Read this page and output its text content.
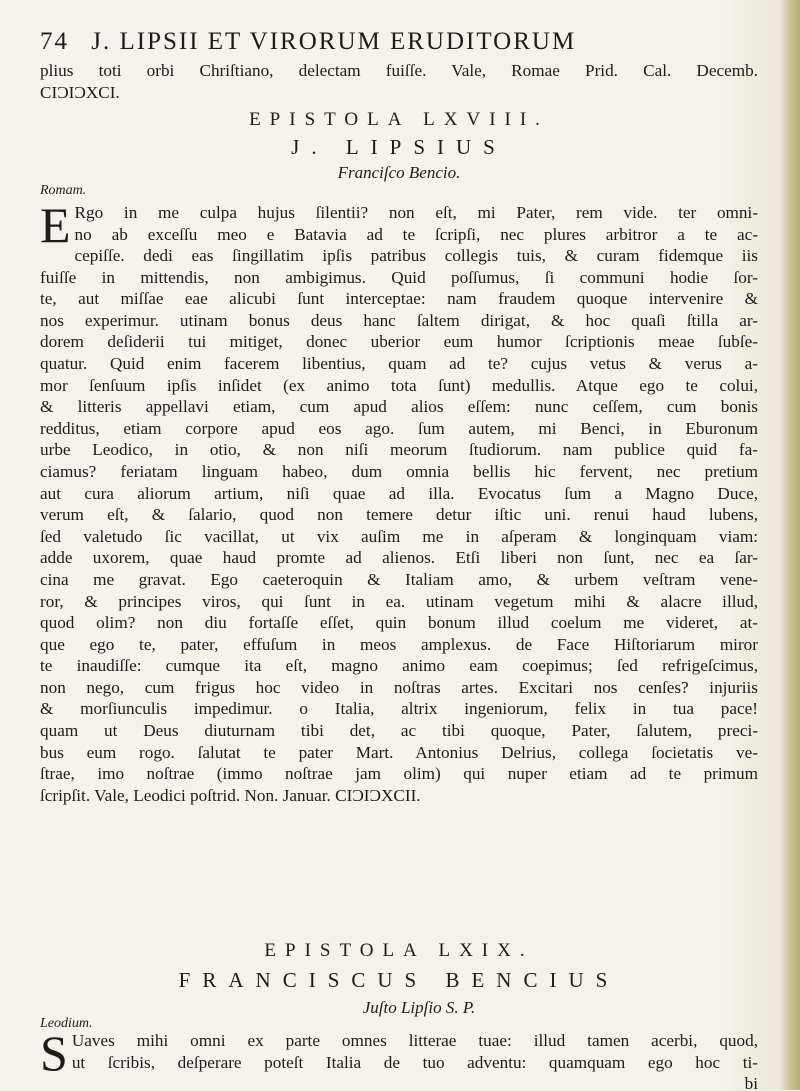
74 J. LIPSII ET VIRORUM ERUDITORUM
plius toti orbi Chriſtiano, delectam fuiſſe. Vale, Romae Prid. Cal. Decemb.
CIƆIƆXCI.
EPISTOLA LXVIII.
J. LIPSIUS
Franciſco Bencio.
Romam.
E Rgo in me culpa hujus ſilentii? non eſt, mi Pater, rem vide. ter omni-
no ab exceſſu meo e Batavia ad te ſcripſi, nec plures arbitror a te ac-
cepiſſe. dedi eas ſingillatim ipſis patribus collegis tuis, & curam fidemque iis
fuiſſe in mittendis, non ambigimus. Quid poſſumus, ſi communi hodie ſor-
te, aut miſſae eae alicubi ſunt interceptae: nam fraudem quoque intervenire &
nos experimur. utinam bonus deus hanc ſaltem dirigat, & hoc quaſi ſtilla ar-
dorem deſiderii tui mitiget, donec uberior eum humor ſcriptionis meae ſubſe-
quatur. Quid enim facerem libentius, quam ad te? cujus vetus & verus a-
mor ſenſuum ipſis inſidet (ex animo tota ſunt) medullis. Atque ego te colui,
& litteris appellavi etiam, cum apud alios eſſem: nunc ceſſem, cum bonis
redditus, etiam corpore apud eos ago. ſum autem, mi Benci, in Eburonum
urbe Leodico, in otio, & non niſi meorum ſtudiorum. nam publice quid fa-
ciamus? feriatam linguam habeo, dum omnia bellis hic fervent, nec pretium
aut cura aliorum artium, niſi quae ad illa. Evocatus ſum a Magno Duce,
verum eſt, & ſalario, quod non temere detur iſtic uni. renui haud lubens,
ſed valetudo ſic vacillat, ut vix auſim me in aſperam & longinquam viam:
adde uxorem, quae haud promte ad alienos. Etſi liberi non ſunt, nec ea ſar-
cina me gravat. Ego caeteroquin & Italiam amo, & urbem veſtram vene-
ror, & principes viros, qui ſunt in ea. utinam vegetum mihi & alacre illud,
quod olim? non diu fortaſſe eſſet, quin bonum illud coelum me videret, at-
que ego te, pater, effuſum in meos amplexus. de Face Hiſtoriarum miror
te inaudiſſe: cumque ita eſt, magno animo eam coepimus; ſed refrigeſcimus,
non nego, cum frigus hoc video in noſtras artes. Excitari nos cenſes? injuriis
& morſiunculis impedimur. o Italia, altrix ingeniorum, felix in tua pace!
quam ut Deus diuturnam tibi det, ac tibi quoque, Pater, ſalutem, preci-
bus eum rogo. ſalutat te pater Mart. Antonius Delrius, collega ſocietatis ve-
ſtrae, imo noſtrae (immo noſtrae jam olim) qui nuper etiam ad te primum
ſcripſit. Vale, Leodici poſtrid. Non. Januar. CIƆIƆXCII.
EPISTOLA LXIX.
FRANCISCUS BENCIUS
Juſto Lipſio S. P.
Leodium.
S Uaves mihi omni ex parte omnes litterae tuae: illud tamen acerbi, quod,
ut ſcribis, deſperare poteſt Italia de tuo adventu: quamquam ego hoc ti-
bi
